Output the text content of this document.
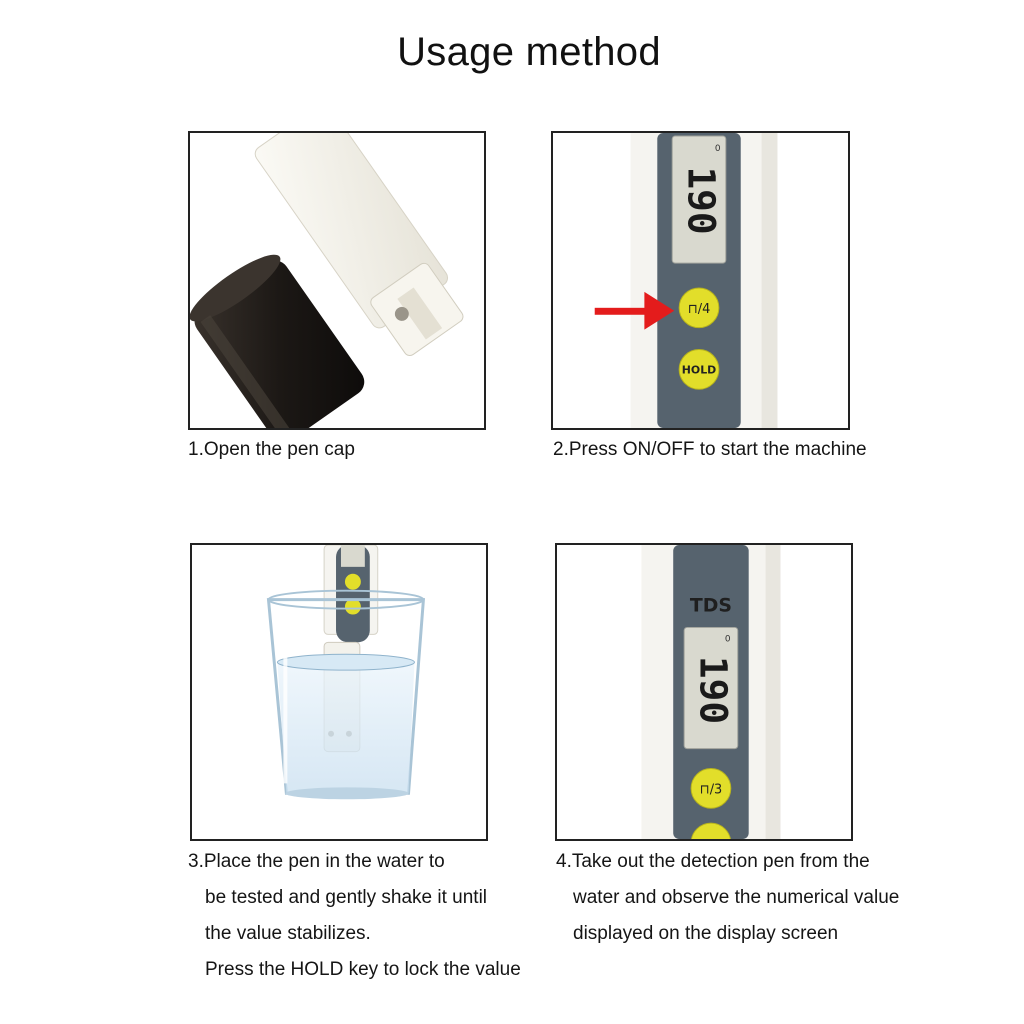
Usage method
1.Open the pen cap
0
190
⊓/4
HOLD
2.Press ON/OFF to start the machine
3.Place the pen in the water to
be tested and gently shake it until
the value stabilizes.
Press the HOLD key to lock the value
TDS
0
190
⊓/3
4.Take out the detection pen from the
water and observe the numerical value
displayed on the display screen
